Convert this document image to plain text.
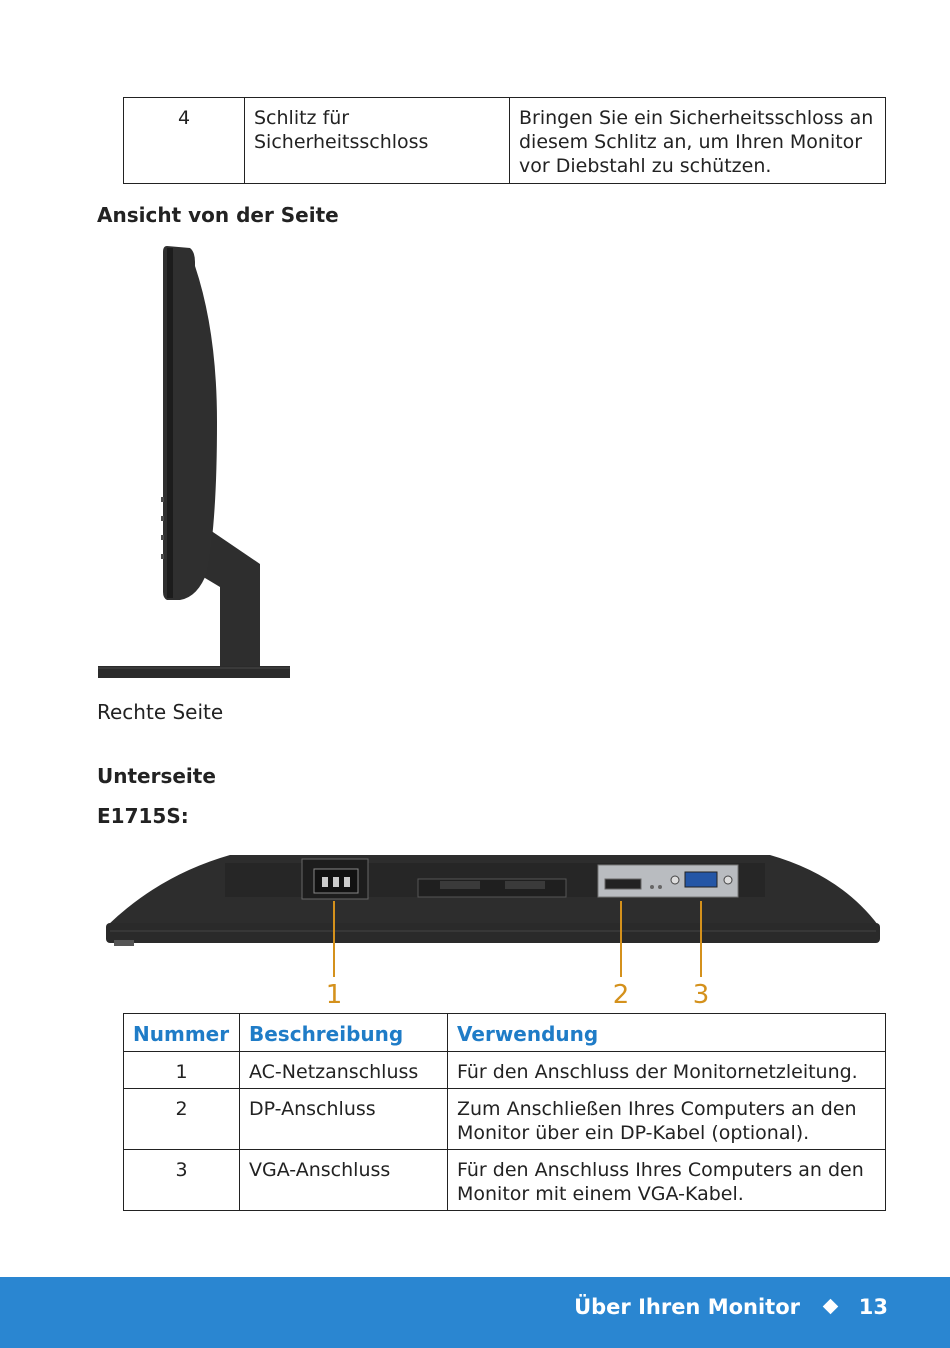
4	Schlitz für Sicherheitsschloss	Bringen Sie ein Sicherheitsschloss an diesem Schlitz an, um Ihren Monitor vor Diebstahl zu schützen.
Ansicht von der Seite
Rechte Seite
Unterseite
E1715S:
1	2 3
Nummer	Beschreibung	Verwendung
1	AC-Netzanschluss	Für den Anschluss der Monitornetzleitung.
2	DP-Anschluss	Zum Anschließen Ihres Computers an den Monitor über ein DP-Kabel (optional).
3	VGA-Anschluss	Für den Anschluss Ihres Computers an den Monitor mit einem VGA-Kabel.
Über Ihren Monitor	13
